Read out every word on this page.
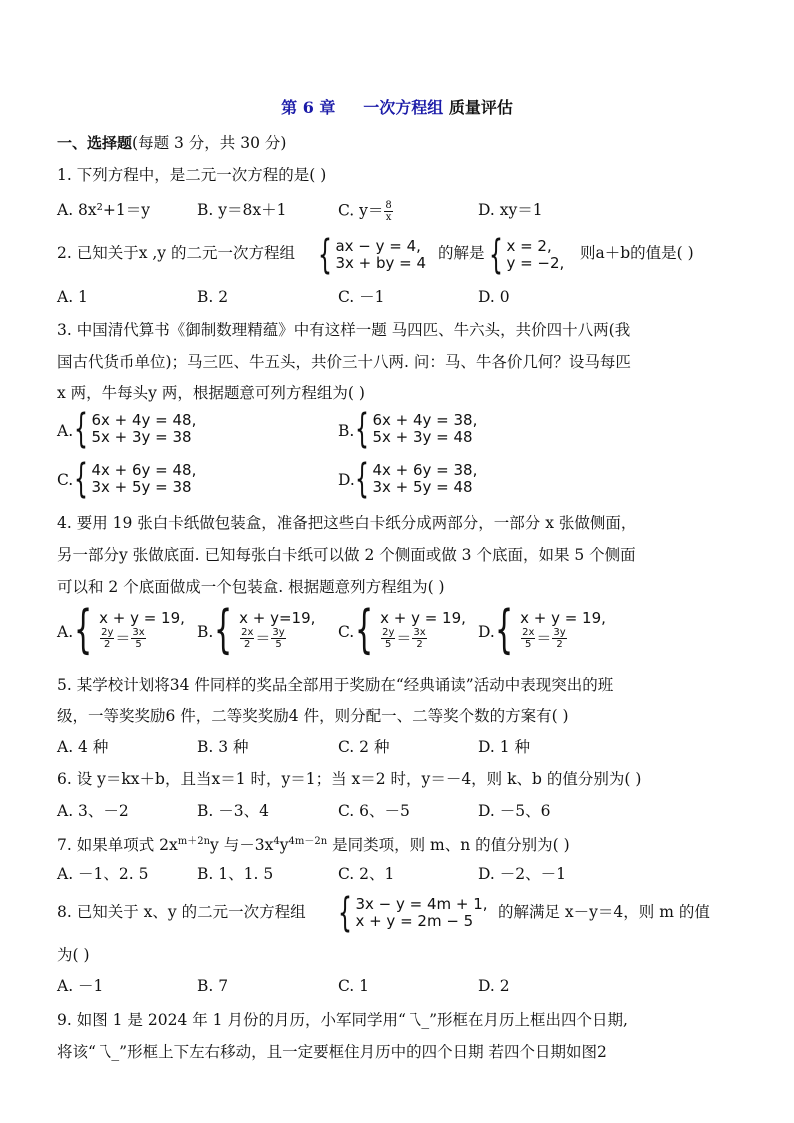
第 6 章 一次方程组 质量评估
一、选择题(每题 3 分，共 30 分)
1. 下列方程中，是二元一次方程的是( )
A. 8x²+1＝y	B. y＝8x＋1	C. $y= \frac{8}{x}$	D. xy＝1
2. 已知关于x ,y 的二元一次方程组 { ax − y = 4,
3x + by = 4
的解是 { x = 2,
y = −2,
则a＋b的值是( )
A. 1	B. 2	C. －1	D. 0
3. 中国清代算书《御制数理精蕴》中有这样一题 马四匹、牛六头，共价四十八两(我
国古代货币单位)；马三匹、牛五头，共价三十八两. 问：马、牛各价几何？设马每匹
x 两，牛每头y 两，根据题意可列方程组为( )
A. { 6x + 4y = 48,
5x + 3y = 38	B. { 6x + 4y = 38,
5x + 3y = 48
C. { 4x + 6y = 48,
3x + 5y = 38	D. { 4x + 6y = 38,
3x + 5y = 48
4. 要用 19 张白卡纸做包装盒，准备把这些白卡纸分成两部分，一部分 x 张做侧面，
另一部分y 张做底面. 已知每张白卡纸可以做 2 个侧面或做 3 个底面，如果 5 个侧面
可以和 2 个底面做成一个包装盒. 根据题意列方程组为( )
A. { x + y = 19,
$\frac{2y}{2} = \frac{3x}{5}$	B. { x + y=19,
$\frac{2x}{2} = \frac{3y}{5}$	C. { x + y = 19,
$\frac{2y}{5} = \frac{3x}{2}$	D. { x + y = 19,
$\frac{2x}{5} = \frac{3y}{2}$
5. 某学校计划将34 件同样的奖品全部用于奖励在“经典诵读”活动中表现突出的班
级，一等奖奖励6 件，二等奖奖励4 件，则分配一、二等奖个数的方案有( )
A. 4 种	B. 3 种	C. 2 种	D. 1 种
6. 设 y＝kx＋b，且当x＝1 时，y＝1；当 x＝2 时，y＝－4，则 k、b 的值分别为( )
A. 3、－2	B. －3、4	C. 6、－5	D. －5、6
7. 如果单项式 $2x^{m+2n}y$ 与$-3x^4y^{4m-2n}$ 是同类项，则 m、n 的值分别为( )
A. －1、2. 5	B. 1、1. 5	C. 2、1	D. －2、－1
8. 已知关于 x、y 的二元一次方程组 { 3x − y = 4m + 1,
x + y = 2m − 5	的解满足 x－y＝4，则 m 的值
为( )
A. －1	B. 7	C. 1	D. 2
9. 如图 1 是 2024 年 1 月份的月历，小军同学用“乁_”形框在月历上框出四个日期,
将该“乁_”形框上下左右移动，且一定要框住月历中的四个日期 若四个日期如图2
